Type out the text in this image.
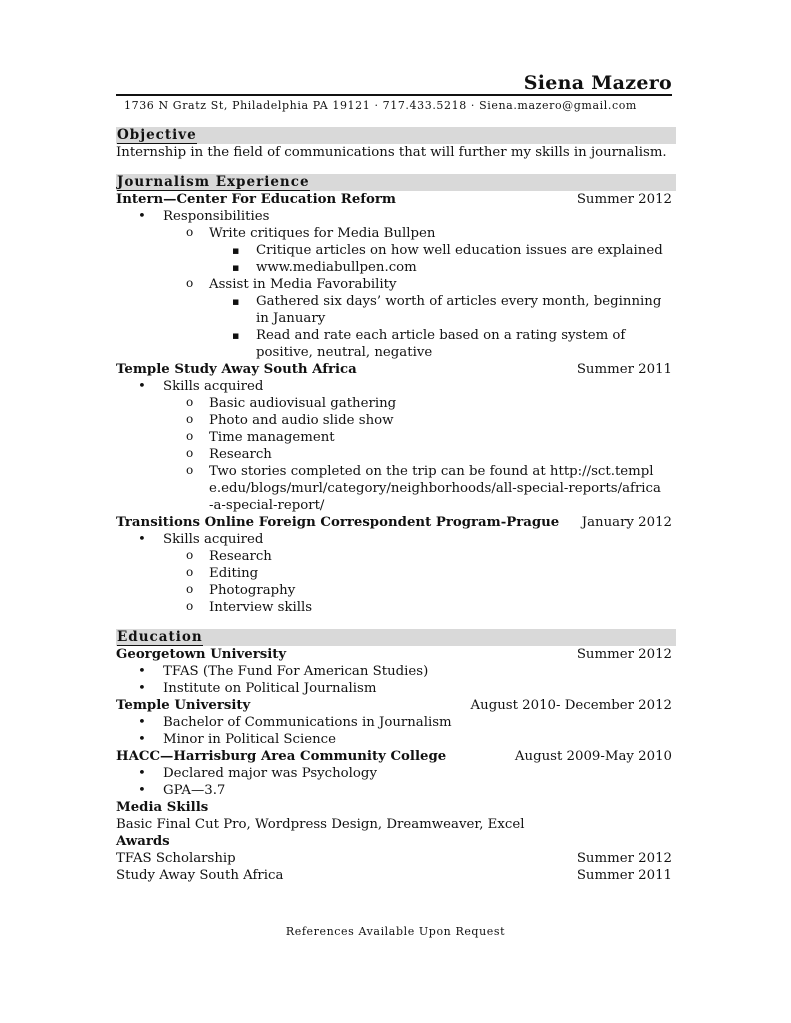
Siena Mazero
1736 N Gratz St, Philadelphia PA 19121 · 717.433.5218 · Siena.mazero@gmail.com
Objective

Internship in the field of communications that will further my skills in journalism.

Journalism Experience
Intern—Center For Education Reform	Summer 2012
• Responsibilities
o Write critiques for Media Bullpen
▪ Critique articles on how well education issues are explained
▪ www.mediabullpen.com
o Assist in Media Favorability
▪ Gathered six days’ worth of articles every month, beginning in January
▪ Read and rate each article based on a rating system of positive, neutral, negative
Temple Study Away South Africa	Summer 2011
• Skills acquired
o Basic audiovisual gathering
o Photo and audio slide show
o Time management
o Research
o Two stories completed on the trip can be found at http://sct.temple.edu/blogs/murl/category/neighborhoods/all-special-reports/africa-a-special-report/
Transitions Online Foreign Correspondent Program-Prague January 2012
• Skills acquired
o Research
o Editing
o Photography
o Interview skills
Education
Georgetown University	Summer 2012
• TFAS (The Fund For American Studies)
• Institute on Political Journalism
Temple University	August 2010- December 2012
• Bachelor of Communications in Journalism
• Minor in Political Science
HACC—Harrisburg Area Community College	August 2009-May 2010
• Declared major was Psychology
• GPA—3.7
Media Skills
Basic Final Cut Pro, Wordpress Design, Dreamweaver, Excel
Awards
TFAS Scholarship	Summer 2012
Study Away South Africa	Summer 2011
References Available Upon Request
